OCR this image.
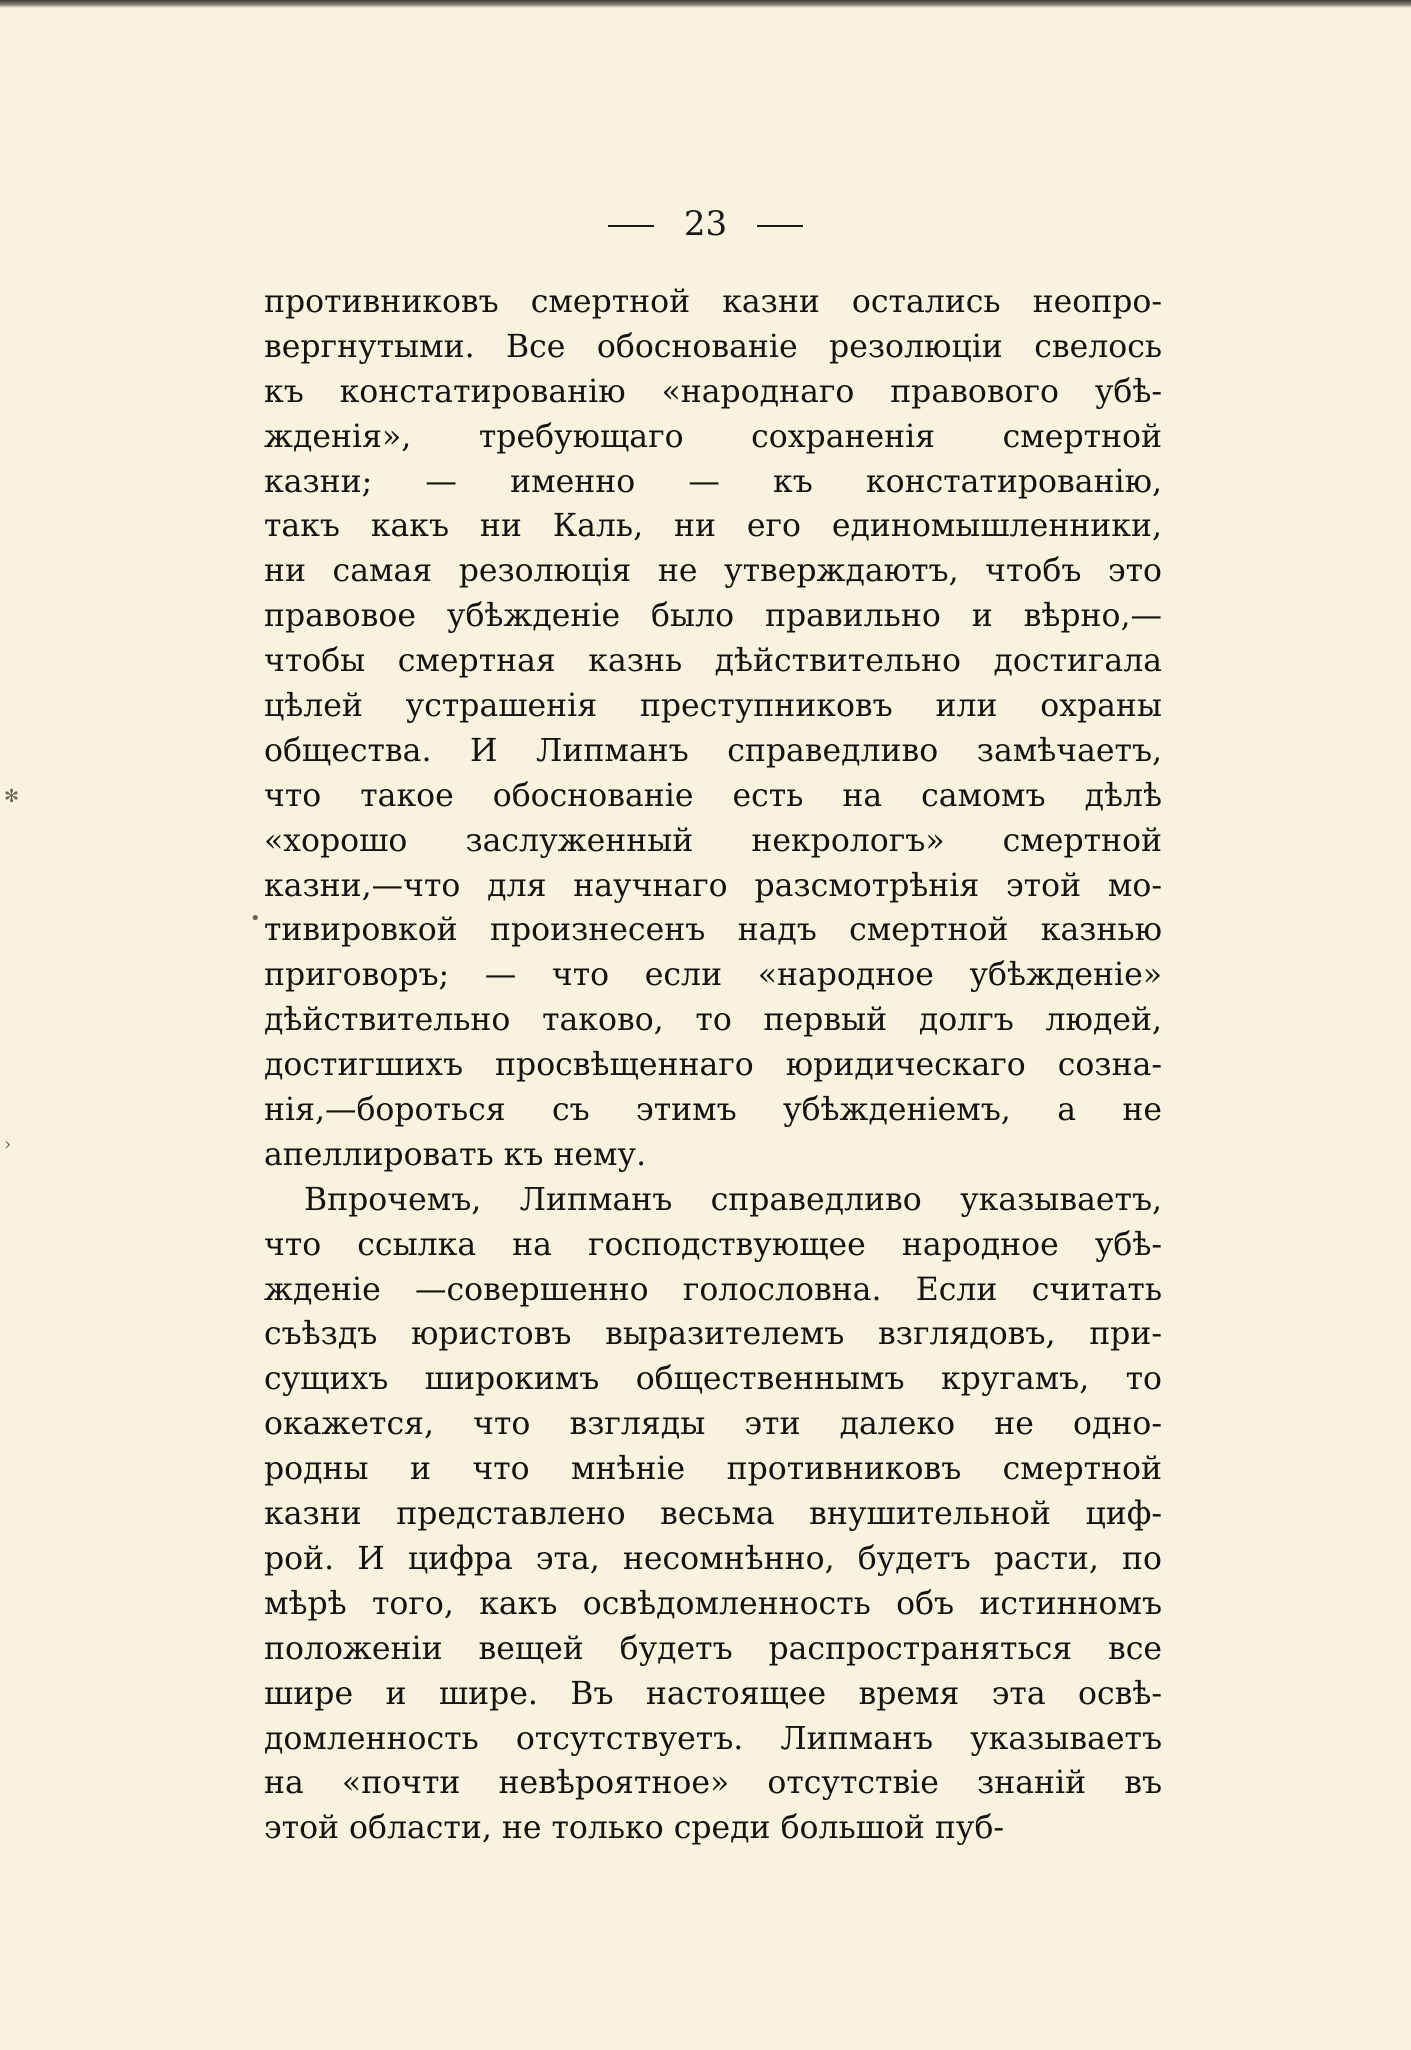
23
противниковъ смертной казни остались неопро-
вергнутыми. Все обоснованіе резолюціи свелось
къ констатированію «народнаго правового убѣ-
жденія», требующаго сохраненія смертной
казни; — именно — къ констатированію,
такъ какъ ни Каль, ни его единомышленники,
ни самая резолюція не утверждаютъ, чтобъ это
правовое убѣжденіе было правильно и вѣрно,—
чтобы смертная казнь дѣйствительно достигала
цѣлей устрашенія преступниковъ или охраны
общества. И Липманъ справедливо замѣчаетъ,
что такое обоснованіе есть на самомъ дѣлѣ
«хорошо заслуженный некрологъ» смертной
казни,—что для научнаго разсмотрѣнія этой мо-
тивировкой произнесенъ надъ смертной казнью
приговоръ; — что если «народное убѣжденіе»
дѣйствительно таково, то первый долгъ людей,
достигшихъ просвѣщеннаго юридическаго созна-
нія,—бороться съ этимъ убѣжденіемъ, а не
апеллировать къ нему.
Впрочемъ, Липманъ справедливо указываетъ,
что ссылка на господствующее народное убѣ-
жденіе —совершенно голословна. Если считать
съѣздъ юристовъ выразителемъ взглядовъ, при-
сущихъ широкимъ общественнымъ кругамъ, то
окажется, что взгляды эти далеко не одно-
родны и что мнѣніе противниковъ смертной
казни представлено весьма внушительной циф-
рой. И цифра эта, несомнѣнно, будетъ расти, по
мѣрѣ того, какъ освѣдомленность объ истинномъ
положеніи вещей будетъ распространяться все
шире и шире. Въ настоящее время эта освѣ-
домленность отсутствуетъ. Липманъ указываетъ
на «почти невѣроятное» отсутствіе знаній въ
этой области, не только среди большой пуб-
✻
•
›
